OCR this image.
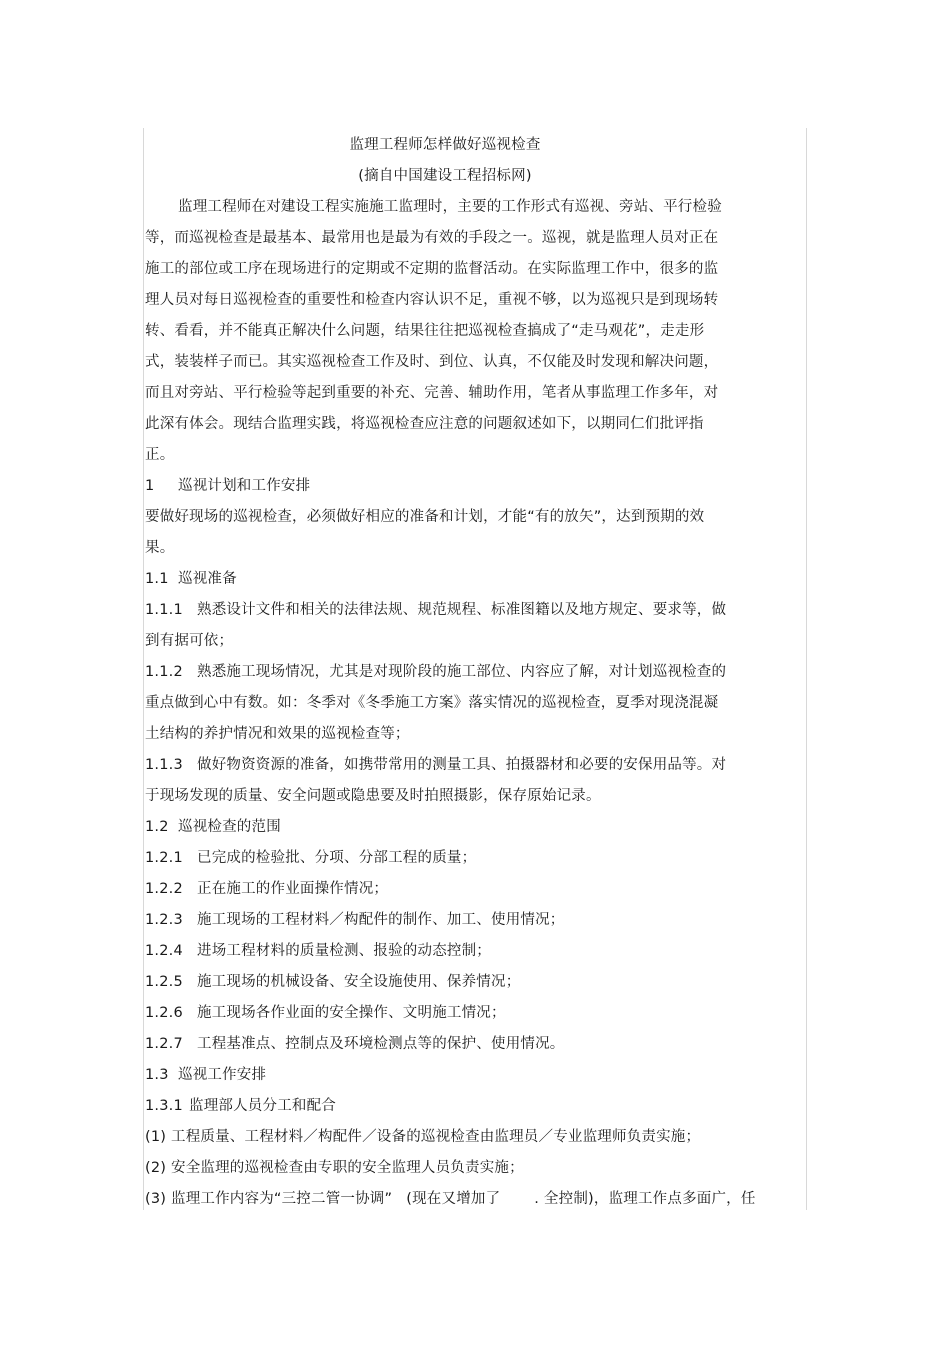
监理工程师怎样做好巡视检查

(摘自中国建设工程招标网)

监理工程师在对建设工程实施施工监理时，主要的工作形式有巡视、旁站、平行检验

等，而巡视检查是最基本、最常用也是最为有效的手段之一。巡视，就是监理人员对正在

施工的部位或工序在现场进行的定期或不定期的监督活动。在实际监理工作中，很多的监

理人员对每日巡视检查的重要性和检查内容认识不足，重视不够，以为巡视只是到现场转

转、看看，并不能真正解决什么问题，结果往往把巡视检查搞成了“走马观花”，走走形

式，装装样子而已。其实巡视检查工作及时、到位、认真，不仅能及时发现和解决问题，

而且对旁站、平行检验等起到重要的补充、完善、辅助作用，笔者从事监理工作多年，对

此深有体会。现结合监理实践，将巡视检查应注意的问题叙述如下，以期同仁们批评指

正。

1 巡视计划和工作安排

要做好现场的巡视检查，必须做好相应的准备和计划，才能“有的放矢”，达到预期的效

果。

1.1 巡视准备

1.1.1 熟悉设计文件和相关的法律法规、规范规程、标准图籍以及地方规定、要求等，做

到有据可依；

1.1.2 熟悉施工现场情况，尤其是对现阶段的施工部位、内容应了解，对计划巡视检查的

重点做到心中有数。如：冬季对《冬季施工方案》落实情况的巡视检查，夏季对现浇混凝

土结构的养护情况和效果的巡视检查等；

1.1.3 做好物资资源的准备，如携带常用的测量工具、拍摄器材和必要的安保用品等。对

于现场发现的质量、安全问题或隐患要及时拍照摄影，保存原始记录。

1.2 巡视检查的范围

1.2.1 已完成的检验批、分项、分部工程的质量；

1.2.2 正在施工的作业面操作情况；

1.2.3 施工现场的工程材料／构配件的制作、加工、使用情况；

1.2.4 进场工程材料的质量检测、报验的动态控制；

1.2.5 施工现场的机械设备、安全设施使用、保养情况；

1.2.6 施工现场各作业面的安全操作、文明施工情况；

1.2.7 工程基准点、控制点及环境检测点等的保护、使用情况。

1.3 巡视工作安排

1.3.1 监理部人员分工和配合

(1) 工程质量、工程材料／构配件／设备的巡视检查由监理员／专业监理师负责实施；

(2) 安全监理的巡视检查由专职的安全监理人员负责实施；

(3) 监理工作内容为“三控二管一协调” (现在又增加了 . 全控制)，监理工作点多面广，任
